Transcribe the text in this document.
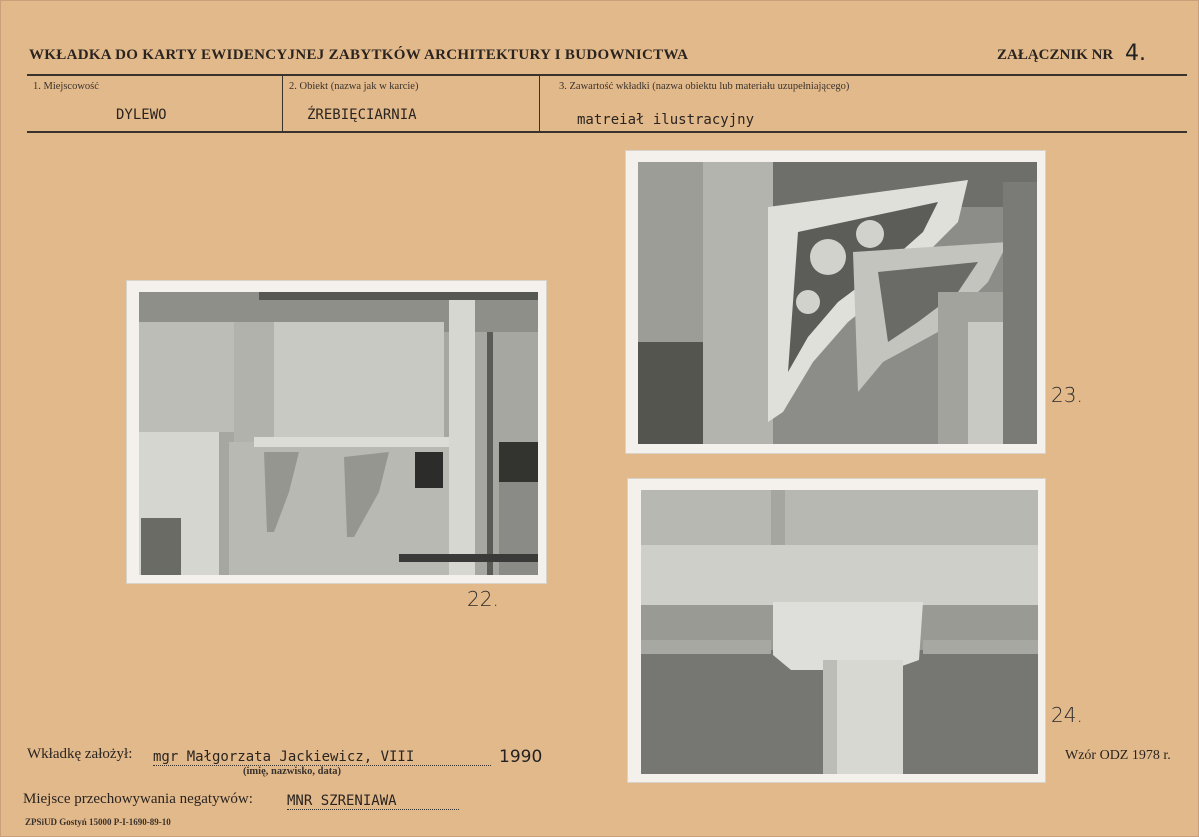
WKŁADKA DO KARTY EWIDENCYJNEJ ZABYTKÓW ARCHITEKTURY I BUDOWNICTWA	ZAŁĄCZNIK NR 4.
1. Miejscowość
DYLEWO
2. Obiekt (nazwa jak w karcie)
ŹREBIĘCIARNIA
3. Zawartość wkładki (nazwa obiektu lub materiału uzupełniającego)
matreiał ilustracyjny
22.
23.
24.
Wkładkę założył: mgr Małgorzata Jackiewicz, VIII	1990
(imię, nazwisko, data)
Miejsce przechowywania negatywów: MNR SZRENIAWA
Wzór ODZ 1978 r.
ZPSiUD Gostyń 15000 P-I-1690-89-10
